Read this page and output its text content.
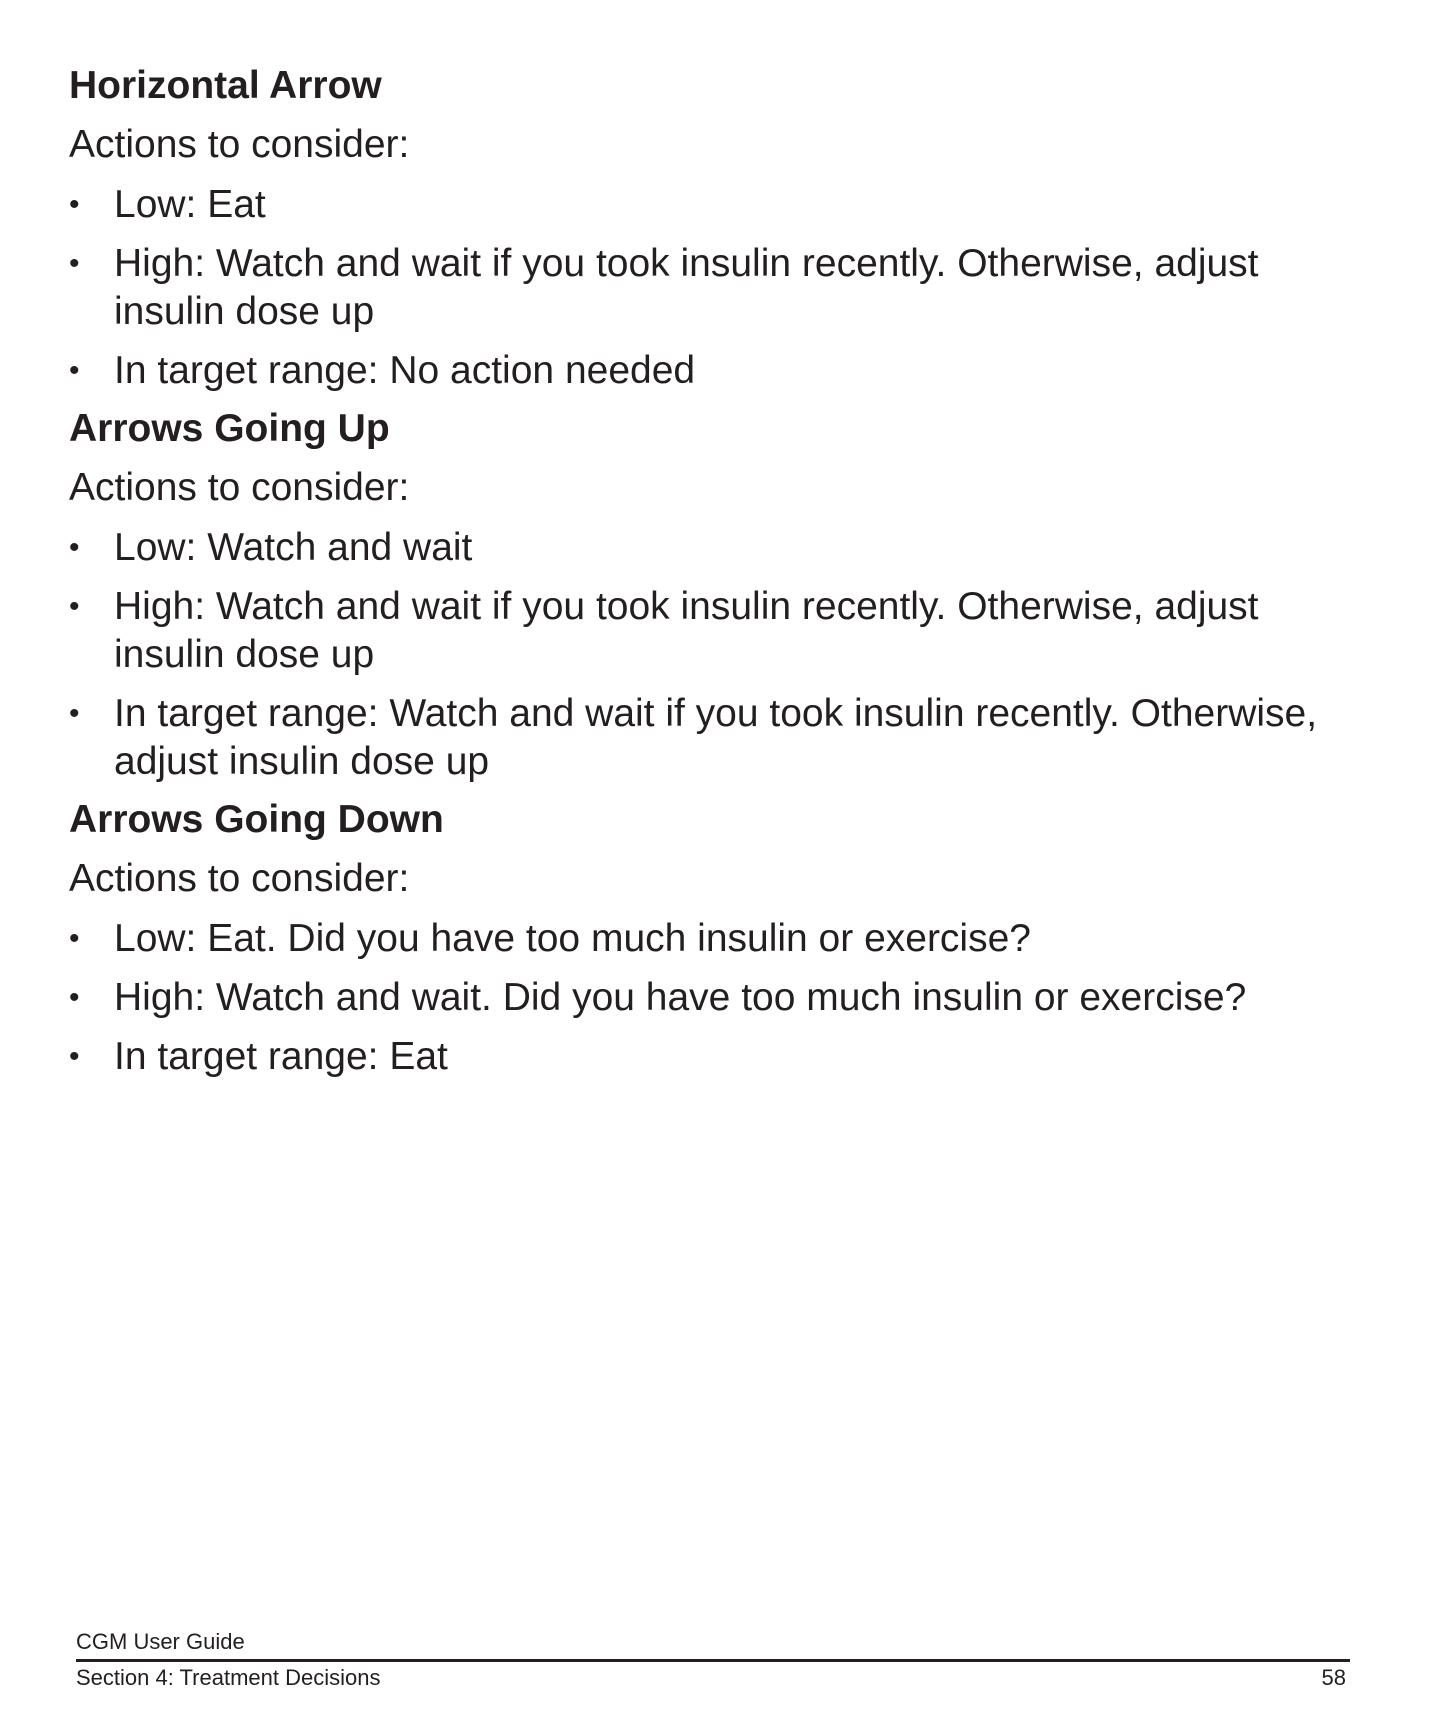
Horizontal Arrow

Actions to consider:

• Low: Eat
• High: Watch and wait if you took insulin recently. Otherwise, adjust insulin dose up
• In target range: No action needed
Arrows Going Up

Actions to consider:

• Low: Watch and wait
• High: Watch and wait if you took insulin recently. Otherwise, adjust insulin dose up
• In target range: Watch and wait if you took insulin recently. Otherwise, adjust insulin dose up
Arrows Going Down

Actions to consider:

• Low: Eat. Did you have too much insulin or exercise?
• High: Watch and wait. Did you have too much insulin or exercise?
• In target range: Eat
CGM User Guide
Section 4: Treatment Decisions	58
